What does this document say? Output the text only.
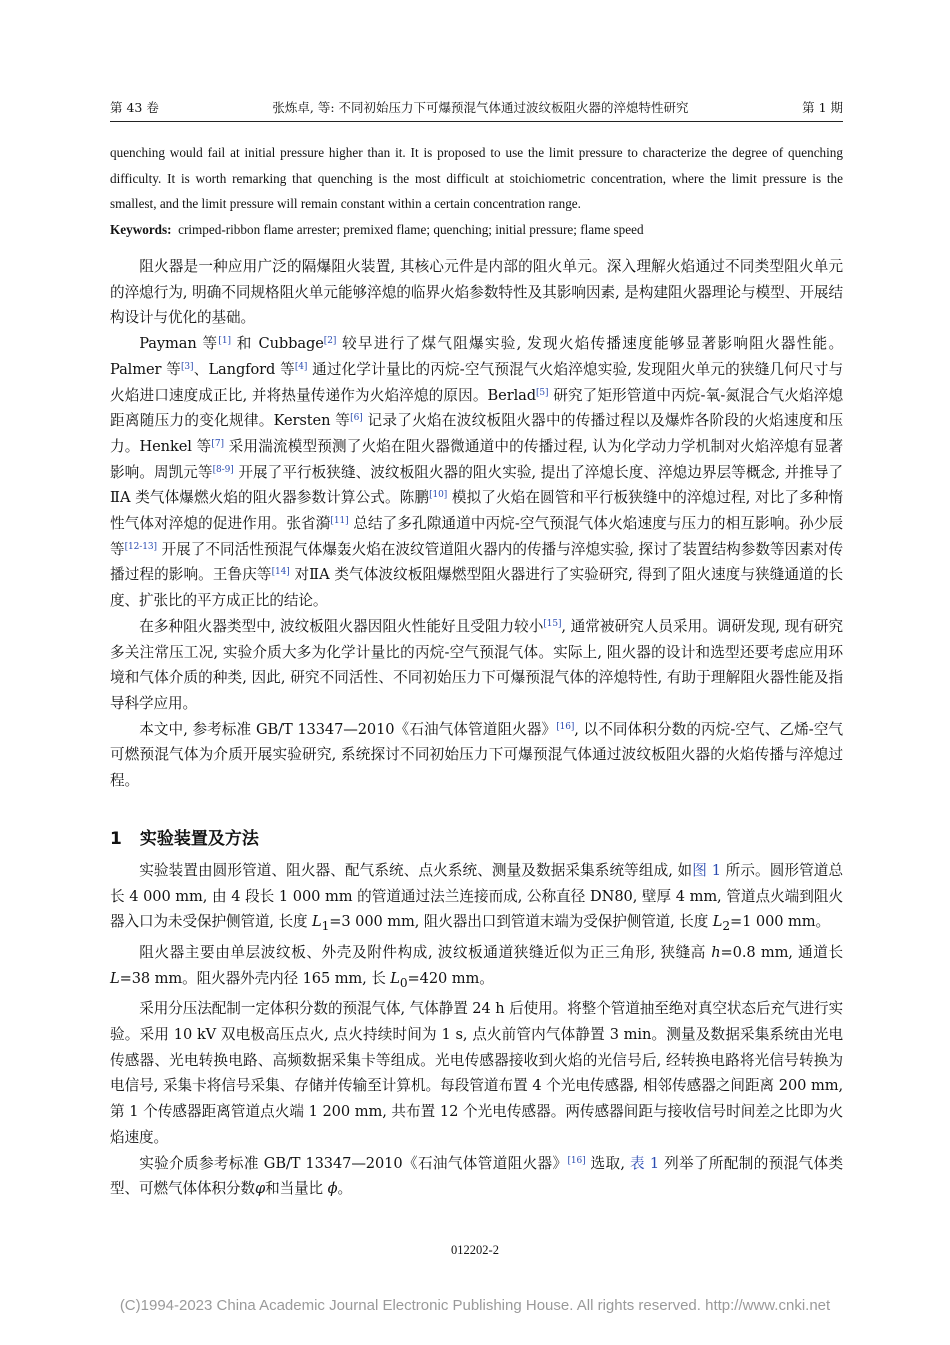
第 43 卷	张炼卓, 等: 不同初始压力下可爆预混气体通过波纹板阻火器的淬熄特性研究	第 1 期

quenching would fail at initial pressure higher than it. It is proposed to use the limit pressure to characterize the degree of quenching difficulty. It is worth remarking that quenching is the most difficult at stoichiometric concentration, where the limit pressure is the smallest, and the limit pressure will remain constant within a certain concentration range.

Keywords: crimped-ribbon flame arrester; premixed flame; quenching; initial pressure; flame speed

阻火器是一种应用广泛的隔爆阻火装置, 其核心元件是内部的阻火单元。深入理解火焰通过不同类型阻火单元的淬熄行为, 明确不同规格阻火单元能够淬熄的临界火焰参数特性及其影响因素, 是构建阻火器理论与模型、开展结构设计与优化的基础。

Payman 等[1] 和 Cubbage[2] 较早进行了煤气阻爆实验, 发现火焰传播速度能够显著影响阻火器性能。Palmer 等[3]、Langford 等[4] 通过化学计量比的丙烷-空气预混气火焰淬熄实验, 发现阻火单元的狭缝几何尺寸与火焰进口速度成正比, 并将热量传递作为火焰淬熄的原因。Berlad[5] 研究了矩形管道中丙烷-氧-氮混合气火焰淬熄距离随压力的变化规律。Kersten 等[6] 记录了火焰在波纹板阻火器中的传播过程以及爆炸各阶段的火焰速度和压力。Henkel 等[7] 采用湍流模型预测了火焰在阻火器微通道中的传播过程, 认为化学动力学机制对火焰淬熄有显著影响。周凯元等[8-9] 开展了平行板狭缝、波纹板阻火器的阻火实验, 提出了淬熄长度、淬熄边界层等概念, 并推导了ⅡA 类气体爆燃火焰的阻火器参数计算公式。陈鹏[10] 模拟了火焰在圆管和平行板狭缝中的淬熄过程, 对比了多种惰性气体对淬熄的促进作用。张省漪[11] 总结了多孔隙通道中丙烷-空气预混气体火焰速度与压力的相互影响。孙少辰等[12-13] 开展了不同活性预混气体爆轰火焰在波纹管道阻火器内的传播与淬熄实验, 探讨了装置结构参数等因素对传播过程的影响。王鲁庆等[14] 对ⅡA 类气体波纹板阻爆燃型阻火器进行了实验研究, 得到了阻火速度与狭缝通道的长度、扩张比的平方成正比的结论。

在多种阻火器类型中, 波纹板阻火器因阻火性能好且受阻力较小[15], 通常被研究人员采用。调研发现, 现有研究多关注常压工况, 实验介质大多为化学计量比的丙烷-空气预混气体。实际上, 阻火器的设计和选型还要考虑应用环境和气体介质的种类, 因此, 研究不同活性、不同初始压力下可爆预混气体的淬熄特性, 有助于理解阻火器性能及指导科学应用。

本文中, 参考标准 GB/T 13347—2010《石油气体管道阻火器》[16], 以不同体积分数的丙烷-空气、乙烯-空气可燃预混气体为介质开展实验研究, 系统探讨不同初始压力下可爆预混气体通过波纹板阻火器的火焰传播与淬熄过程。

1 实验装置及方法

实验装置由圆形管道、阻火器、配气系统、点火系统、测量及数据采集系统等组成, 如图 1 所示。圆形管道总长 4 000 mm, 由 4 段长 1 000 mm 的管道通过法兰连接而成, 公称直径 DN80, 壁厚 4 mm, 管道点火端到阻火器入口为未受保护侧管道, 长度 $L_1=3$ 000 mm, 阻火器出口到管道末端为受保护侧管道, 长度 $L_2=1$ 000 mm。

阻火器主要由单层波纹板、外壳及附件构成, 波纹板通道狭缝近似为正三角形, 狭缝高 h=0.8 mm, 通道长 L=38 mm。阻火器外壳内径 165 mm, 长 $L_0=420$ mm。

采用分压法配制一定体积分数的预混气体, 气体静置 24 h 后使用。将整个管道抽至绝对真空状态后充气进行实验。采用 10 kV 双电极高压点火, 点火持续时间为 1 s, 点火前管内气体静置 3 min。测量及数据采集系统由光电传感器、光电转换电路、高频数据采集卡等组成。光电传感器接收到火焰的光信号后, 经转换电路将光信号转换为电信号, 采集卡将信号采集、存储并传输至计算机。每段管道布置 4 个光电传感器, 相邻传感器之间距离 200 mm, 第 1 个传感器距离管道点火端 1 200 mm, 共布置 12 个光电传感器。两传感器间距与接收信号时间差之比即为火焰速度。

实验介质参考标准 GB/T 13347—2010《石油气体管道阻火器》[16] 选取, 表 1 列举了所配制的预混气体类型、可燃气体体积分数φ和当量比 ϕ。

012202-2
(C)1994-2023 China Academic Journal Electronic Publishing House. All rights reserved. http://www.cnki.net
